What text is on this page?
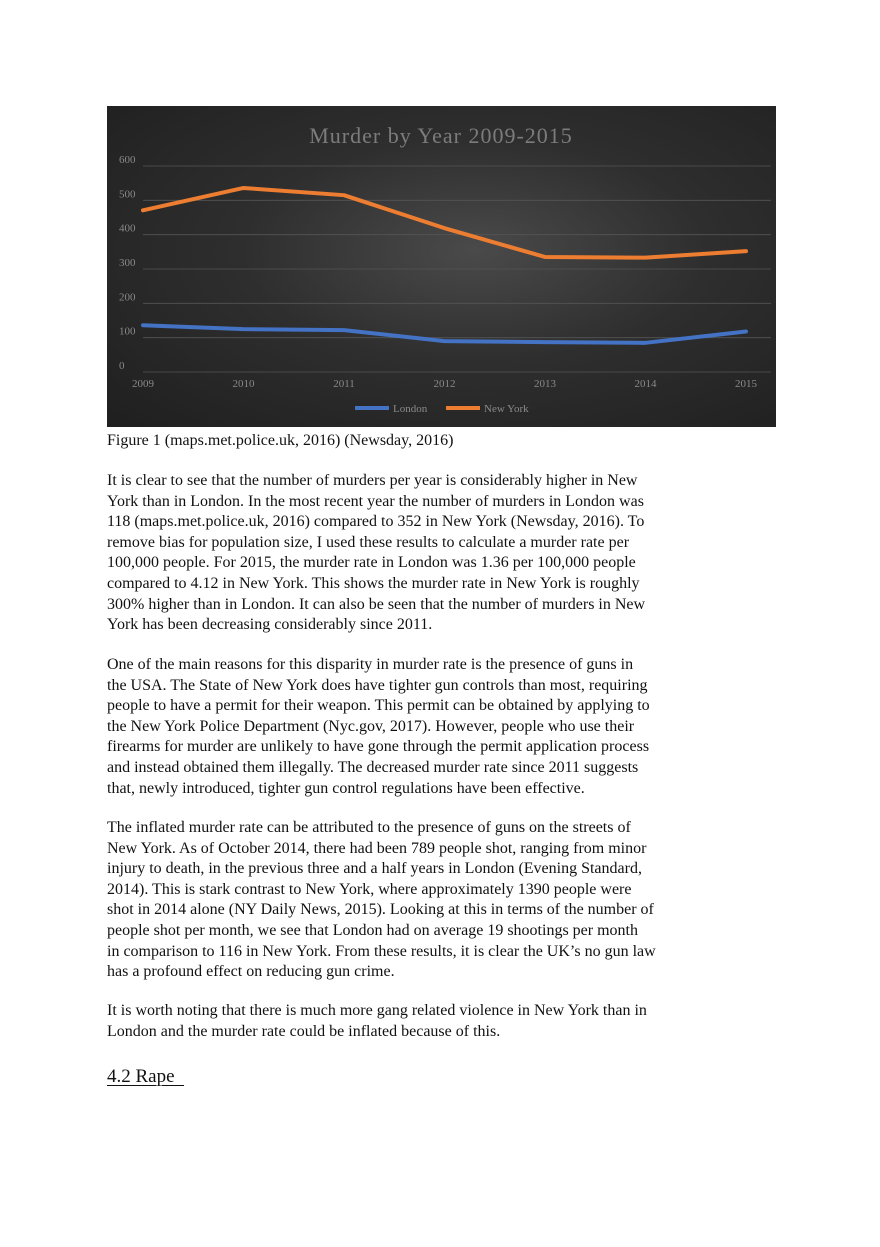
Murder by Year 2009-2015
0
100
200
300
400
500
600
2009	2010	2011	2012	2013	2014	2015
London	New York
Figure 1 (maps.met.police.uk, 2016) (Newsday, 2016)

It is clear to see that the number of murders per year is considerably higher in New
York than in London. In the most recent year the number of murders in London was
118 (maps.met.police.uk, 2016) compared to 352 in New York (Newsday, 2016). To
remove bias for population size, I used these results to calculate a murder rate per
100,000 people. For 2015, the murder rate in London was 1.36 per 100,000 people
compared to 4.12 in New York. This shows the murder rate in New York is roughly
300% higher than in London. It can also be seen that the number of murders in New
York has been decreasing considerably since 2011.

One of the main reasons for this disparity in murder rate is the presence of guns in
the USA. The State of New York does have tighter gun controls than most, requiring
people to have a permit for their weapon. This permit can be obtained by applying to
the New York Police Department (Nyc.gov, 2017). However, people who use their
firearms for murder are unlikely to have gone through the permit application process
and instead obtained them illegally. The decreased murder rate since 2011 suggests
that, newly introduced, tighter gun control regulations have been effective.

The inflated murder rate can be attributed to the presence of guns on the streets of
New York. As of October 2014, there had been 789 people shot, ranging from minor
injury to death, in the previous three and a half years in London (Evening Standard,
2014). This is stark contrast to New York, where approximately 1390 people were
shot in 2014 alone (NY Daily News, 2015). Looking at this in terms of the number of
people shot per month, we see that London had on average 19 shootings per month
in comparison to 116 in New York. From these results, it is clear the UK’s no gun law
has a profound effect on reducing gun crime.

It is worth noting that there is much more gang related violence in New York than in
London and the murder rate could be inflated because of this.

4.2 Rape
